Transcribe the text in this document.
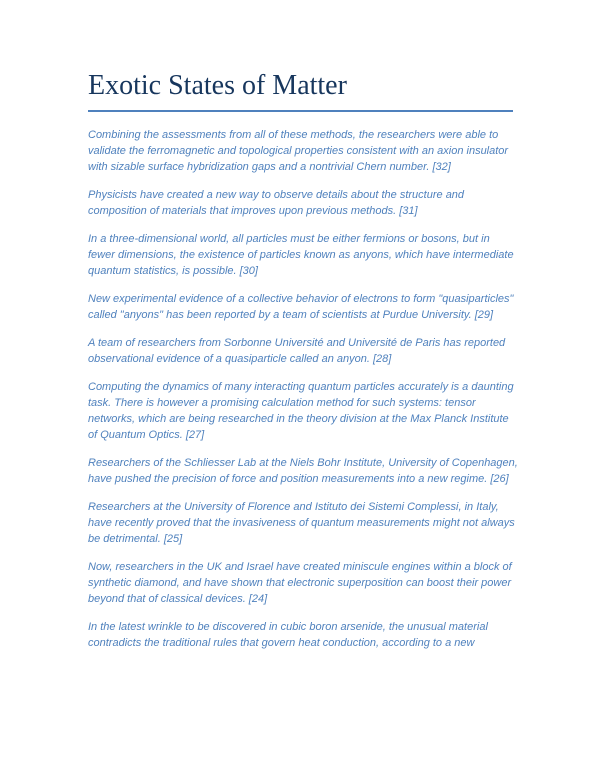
Exotic States of Matter

Combining the assessments from all of these methods, the researchers were able to validate the ferromagnetic and topological properties consistent with an axion insulator with sizable surface hybridization gaps and a nontrivial Chern number. [32]

Physicists have created a new way to observe details about the structure and composition of materials that improves upon previous methods. [31]

In a three-dimensional world, all particles must be either fermions or bosons, but in fewer dimensions, the existence of particles known as anyons, which have intermediate quantum statistics, is possible. [30]

New experimental evidence of a collective behavior of electrons to form "quasiparticles" called "anyons" has been reported by a team of scientists at Purdue University. [29]

A team of researchers from Sorbonne Université and Université de Paris has reported observational evidence of a quasiparticle called an anyon. [28]

Computing the dynamics of many interacting quantum particles accurately is a daunting task. There is however a promising calculation method for such systems: tensor networks, which are being researched in the theory division at the Max Planck Institute of Quantum Optics. [27]

Researchers of the Schliesser Lab at the Niels Bohr Institute, University of Copenhagen, have pushed the precision of force and position measurements into a new regime. [26]

Researchers at the University of Florence and Istituto dei Sistemi Complessi, in Italy, have recently proved that the invasiveness of quantum measurements might not always be detrimental. [25]

Now, researchers in the UK and Israel have created miniscule engines within a block of synthetic diamond, and have shown that electronic superposition can boost their power beyond that of classical devices. [24]

In the latest wrinkle to be discovered in cubic boron arsenide, the unusual material contradicts the traditional rules that govern heat conduction, according to a new
